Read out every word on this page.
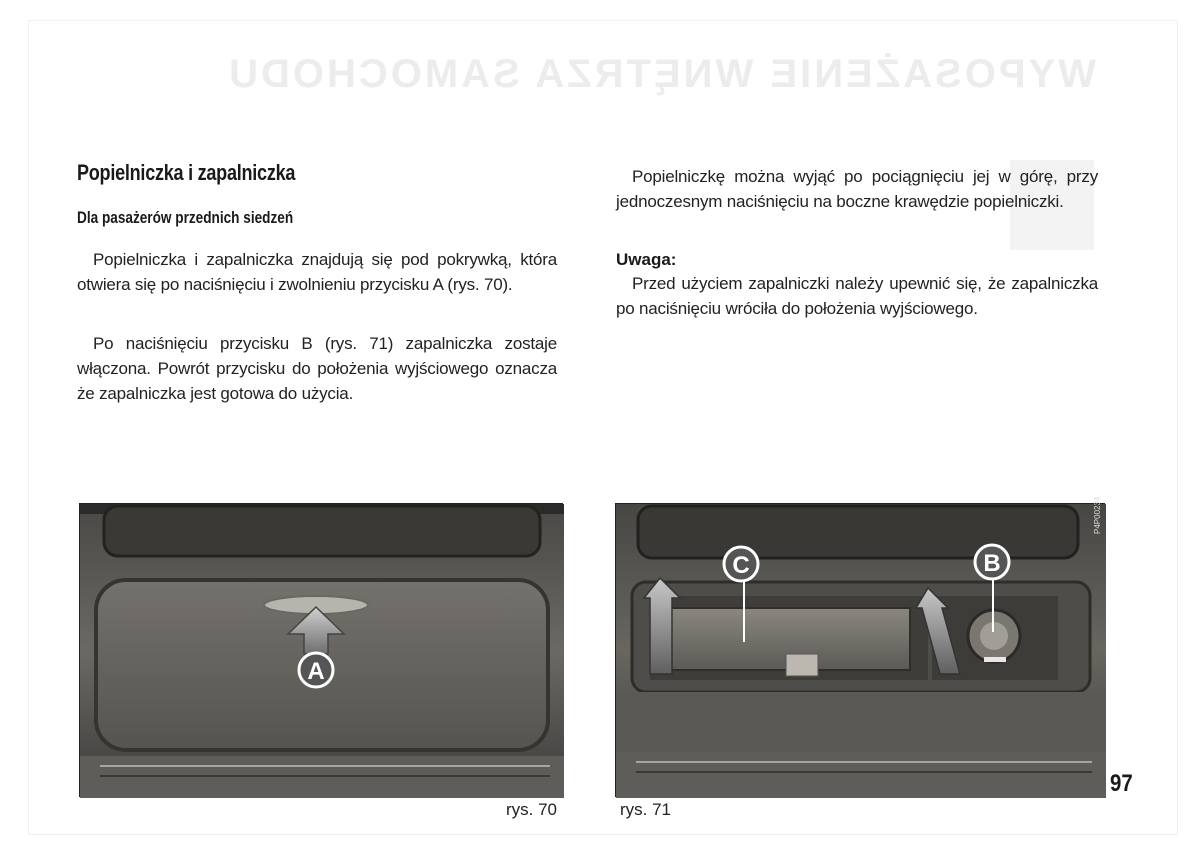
WYPOSAŻENIE WNĘTRZA SAMOCHODU
Popielniczka i zapalniczka
Dla pasażerów przednich siedzeń

Popielniczka i zapalniczka znajdują się pod pokrywką, która otwiera się po naciśnięciu i zwolnieniu przycisku A (rys. 70).

Po naciśnięciu przycisku B (rys. 71) zapalniczka zostaje włączona. Powrót przycisku do położenia wyjściowego oznacza że zapalniczka jest gotowa do użycia.

Popielniczkę można wyjąć po pociągnięciu jej w górę, przy jednoczesnym naciśnięciu na boczne krawędzie popielniczki.

Uwaga:

Przed użyciem zapalniczki należy upewnić się, że zapalniczka po naciśnięciu wróciła do położenia wyjściowego.

A
rys. 70
C	B
P4P00234
rys. 71
97
